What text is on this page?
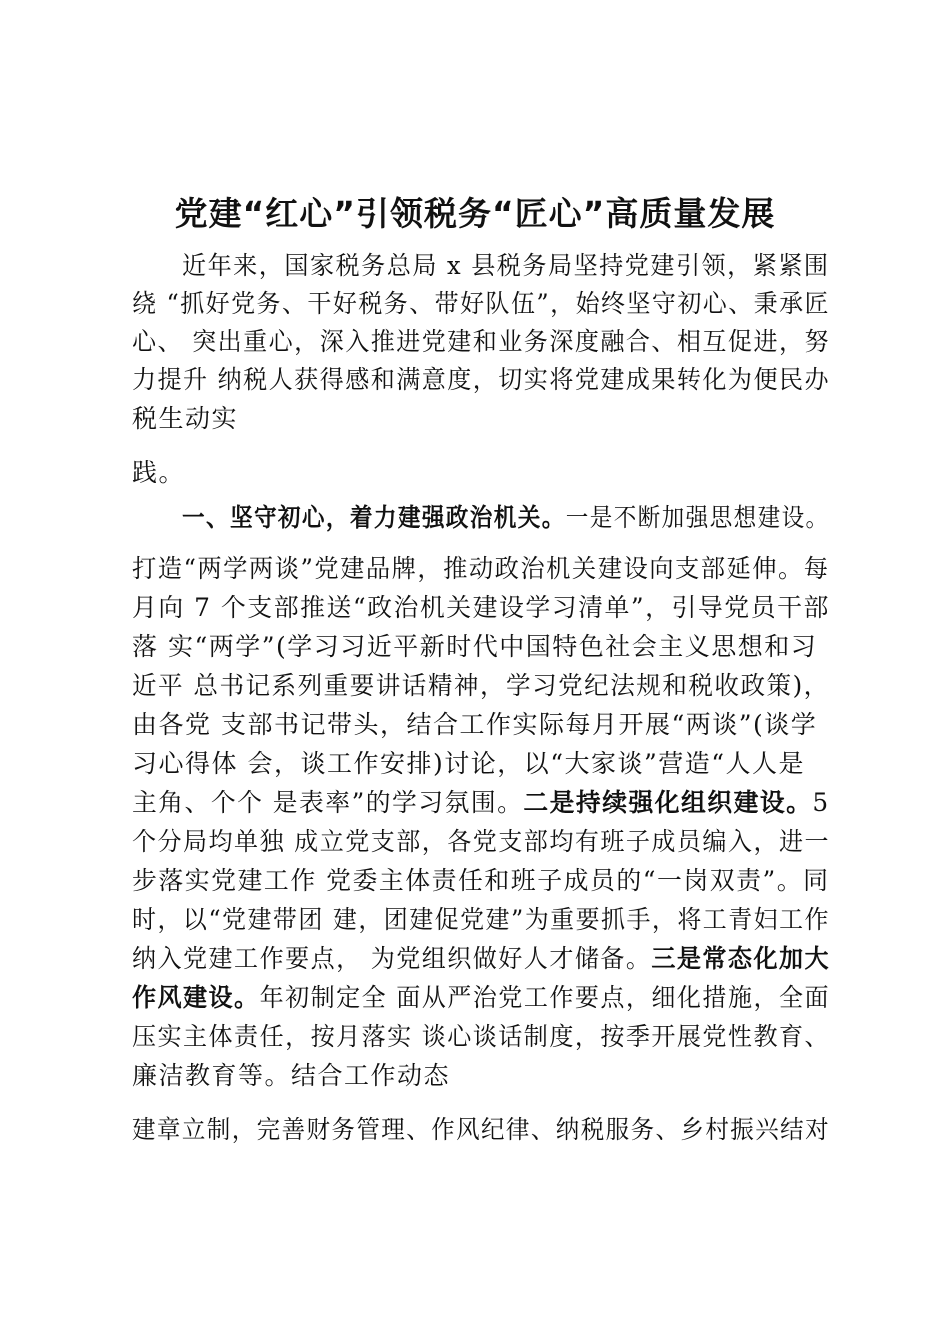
党建“红心”引领税务“匠心”高质量发展
近年来，国家税务总局 x 县税务局坚持党建引领，紧紧围
绕 “抓好党务、干好税务、带好队伍”，始终坚守初心、秉承匠
心、 突出重心，深入推进党建和业务深度融合、相互促进，努
力提升 纳税人获得感和满意度，切实将党建成果转化为便民办
税生动实
践。
一、坚守初心，着力建强政治机关。一是不断加强思想建设。
打造“两学两谈”党建品牌，推动政治机关建设向支部延伸。每
月向 7 个支部推送“政治机关建设学习清单”，引导党员干部
落 实“两学”(学习习近平新时代中国特色社会主义思想和习
近平 总书记系列重要讲话精神，学习党纪法规和税收政策)，
由各党 支部书记带头，结合工作实际每月开展“两谈”(谈学
习心得体 会，谈工作安排)讨论，以“大家谈”营造“人人是
主角、个个 是表率”的学习氛围。二是持续强化组织建设。5
个分局均单独 成立党支部，各党支部均有班子成员编入，进一
步落实党建工作 党委主体责任和班子成员的“一岗双责”。同
时，以“党建带团 建，团建促党建”为重要抓手，将工青妇工作
纳入党建工作要点， 为党组织做好人才储备。三是常态化加大
作风建设。年初制定全 面从严治党工作要点，细化措施，全面
压实主体责任，按月落实 谈心谈话制度，按季开展党性教育、
廉洁教育等。结合工作动态
建章立制，完善财务管理、作风纪律、纳税服务、乡村振兴结对
